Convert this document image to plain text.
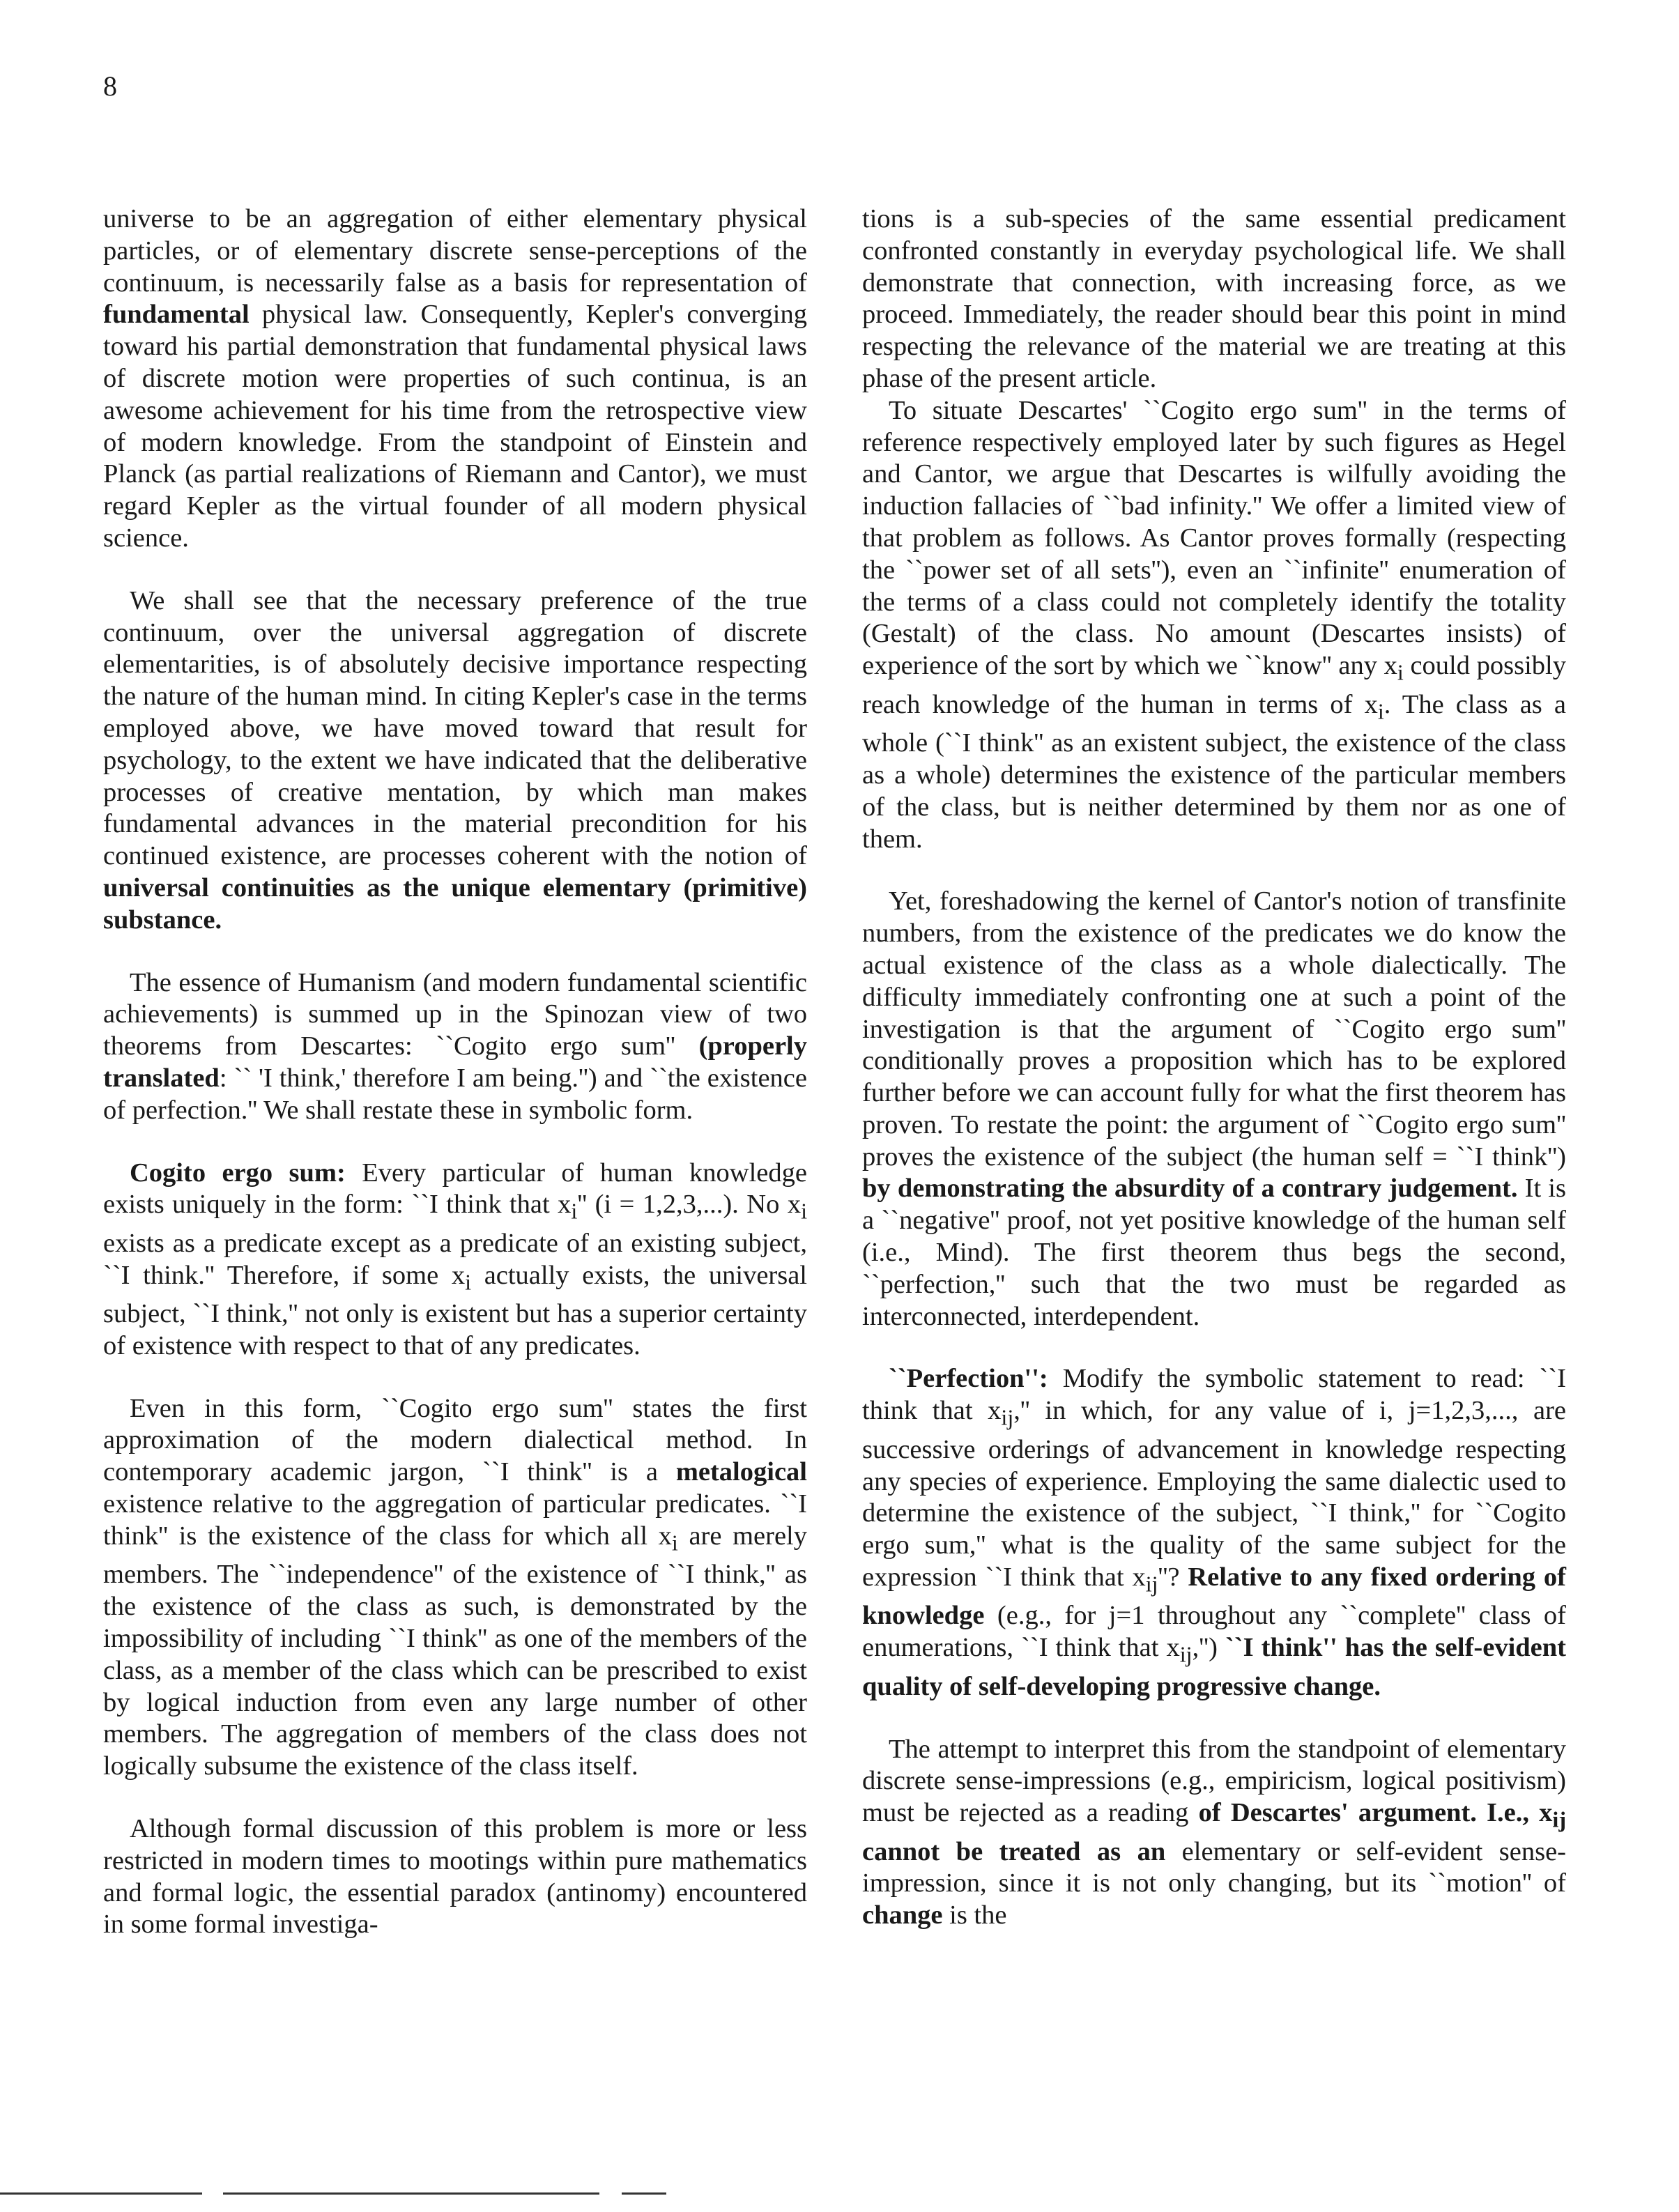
8

universe to be an aggregation of either elementary physical particles, or of elementary discrete sense-perceptions of the continuum, is necessarily false as a basis for representation of fundamental physical law. Consequently, Kepler's converging toward his partial demonstration that fundamental physical laws of discrete motion were properties of such continua, is an awesome achievement for his time from the retrospective view of modern knowledge. From the standpoint of Einstein and Planck (as partial realizations of Riemann and Cantor), we must regard Kepler as the virtual founder of all modern physical science.

We shall see that the necessary preference of the true continuum, over the universal aggregation of discrete elementarities, is of absolutely decisive importance respecting the nature of the human mind. In citing Kepler's case in the terms employed above, we have moved toward that result for psychology, to the extent we have indicated that the deliberative processes of creative mentation, by which man makes fundamental advances in the material precondition for his continued existence, are processes coherent with the notion of universal continuities as the unique elementary (primitive) substance.

The essence of Humanism (and modern fundamental scientific achievements) is summed up in the Spinozan view of two theorems from Descartes: ``Cogito ergo sum'' (properly translated: `` 'I think,' therefore I am being.'') and ``the existence of perfection.'' We shall restate these in symbolic form.

Cogito ergo sum: Every particular of human knowledge exists uniquely in the form: ``I think that $x_i''$ (i = 1,2,3,...). No $x_i$ exists as a predicate except as a predicate of an existing subject, ``I think.'' Therefore, if some $x_i$ actually exists, the universal subject, ``I think,'' not only is existent but has a superior certainty of existence with respect to that of any predicates.

Even in this form, ``Cogito ergo sum'' states the first approximation of the modern dialectical method. In contemporary academic jargon, ``I think'' is a metalogical existence relative to the aggregation of particular predicates. ``I think'' is the existence of the class for which all $x_i$ are merely members. The ``independence'' of the existence of ``I think,'' as the existence of the class as such, is demonstrated by the impossibility of including ``I think'' as one of the members of the class, as a member of the class which can be prescribed to exist by logical induction from even any large number of other members. The aggregation of members of the class does not logically subsume the existence of the class itself.

Although formal discussion of this problem is more or less restricted in modern times to mootings within pure mathematics and formal logic, the essential paradox (antinomy) encountered in some formal investiga-

tions is a sub-species of the same essential predicament confronted constantly in everyday psychological life. We shall demonstrate that connection, with increasing force, as we proceed. Immediately, the reader should bear this point in mind respecting the relevance of the material we are treating at this phase of the present article.

To situate Descartes' ``Cogito ergo sum'' in the terms of reference respectively employed later by such figures as Hegel and Cantor, we argue that Descartes is wilfully avoiding the induction fallacies of ``bad infinity.'' We offer a limited view of that problem as follows. As Cantor proves formally (respecting the ``power set of all sets''), even an ``infinite'' enumeration of the terms of a class could not completely identify the totality (Gestalt) of the class. No amount (Descartes insists) of experience of the sort by which we ``know'' any $x_i$ could possibly reach knowledge of the human in terms of $x_i$. The class as a whole (``I think'' as an existent subject, the existence of the class as a whole) determines the existence of the particular members of the class, but is neither determined by them nor as one of them.

Yet, foreshadowing the kernel of Cantor's notion of transfinite numbers, from the existence of the predicates we do know the actual existence of the class as a whole dialectically. The difficulty immediately confronting one at such a point of the investigation is that the argument of ``Cogito ergo sum'' conditionally proves a proposition which has to be explored further before we can account fully for what the first theorem has proven. To restate the point: the argument of ``Cogito ergo sum'' proves the existence of the subject (the human self = ``I think'') by demonstrating the absurdity of a contrary judgement. It is a ``negative'' proof, not yet positive knowledge of the human self (i.e., Mind). The first theorem thus begs the second, ``perfection,'' such that the two must be regarded as interconnected, interdependent.

``Perfection'': Modify the symbolic statement to read: ``I think that $x_{ij},''$ in which, for any value of i, j=1,2,3,..., are successive orderings of advancement in knowledge respecting any species of experience. Employing the same dialectic used to determine the existence of the subject, ``I think,'' for ``Cogito ergo sum,'' what is the quality of the same subject for the expression ``I think that $x_{ij}''$? Relative to any fixed ordering of knowledge (e.g., for j=1 throughout any ``complete'' class of enumerations, ``I think that $x_{ij},''$) ``I think'' has the self-evident quality of self-developing progressive change.

The attempt to interpret this from the standpoint of elementary discrete sense-impressions (e.g., empiricism, logical positivism) must be rejected as a reading of Descartes' argument. I.e., $x_{ij}$ cannot be treated as an elementary or self-evident sense-impression, since it is not only changing, but its ``motion'' of change is the
